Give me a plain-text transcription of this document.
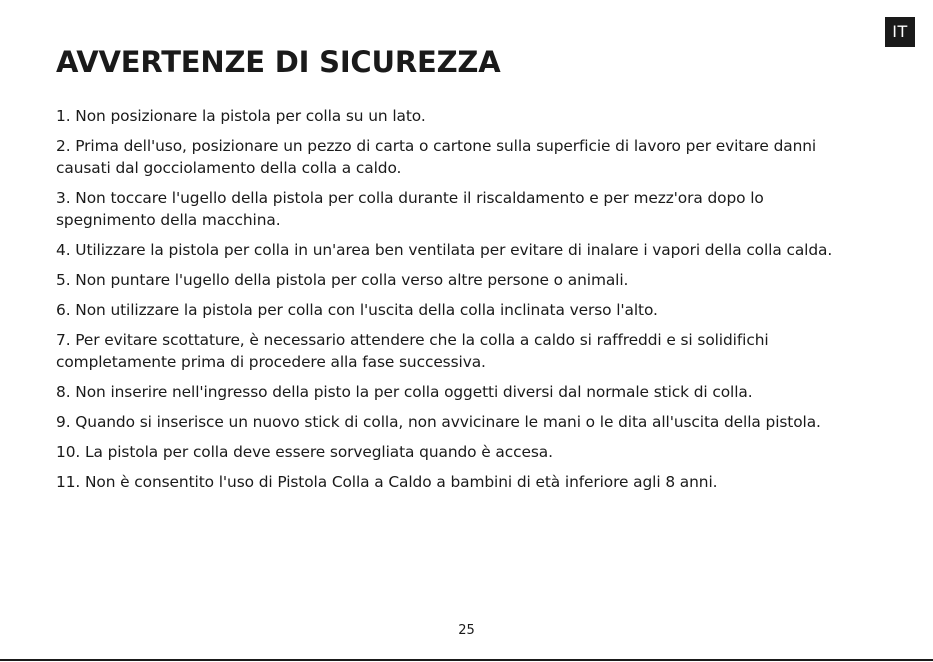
IT
AVVERTENZE DI SICUREZZA
1. Non posizionare la pistola per colla su un lato.
2. Prima dell'uso, posizionare un pezzo di carta o cartone sulla superficie di lavoro per evitare danni causati dal gocciolamento della colla a caldo.
3. Non toccare l'ugello della pistola per colla durante il riscaldamento e per mezz'ora dopo lo spegnimento della macchina.
4. Utilizzare la pistola per colla in un'area ben ventilata per evitare di inalare i vapori della colla calda.
5. Non puntare l'ugello della pistola per colla verso altre persone o animali.
6. Non utilizzare la pistola per colla con l'uscita della colla inclinata verso l'alto.
7. Per evitare scottature, è necessario attendere che la colla a caldo si raffreddi e si solidifichi completamente prima di procedere alla fase successiva.
8. Non inserire nell'ingresso della pisto la per colla oggetti diversi dal normale stick di colla.
9. Quando si inserisce un nuovo stick di colla, non avvicinare le mani o le dita all'uscita della pistola.
10. La pistola per colla deve essere sorvegliata quando è accesa.
11. Non è consentito l'uso di Pistola Colla a Caldo a bambini di età inferiore agli 8 anni.
25
